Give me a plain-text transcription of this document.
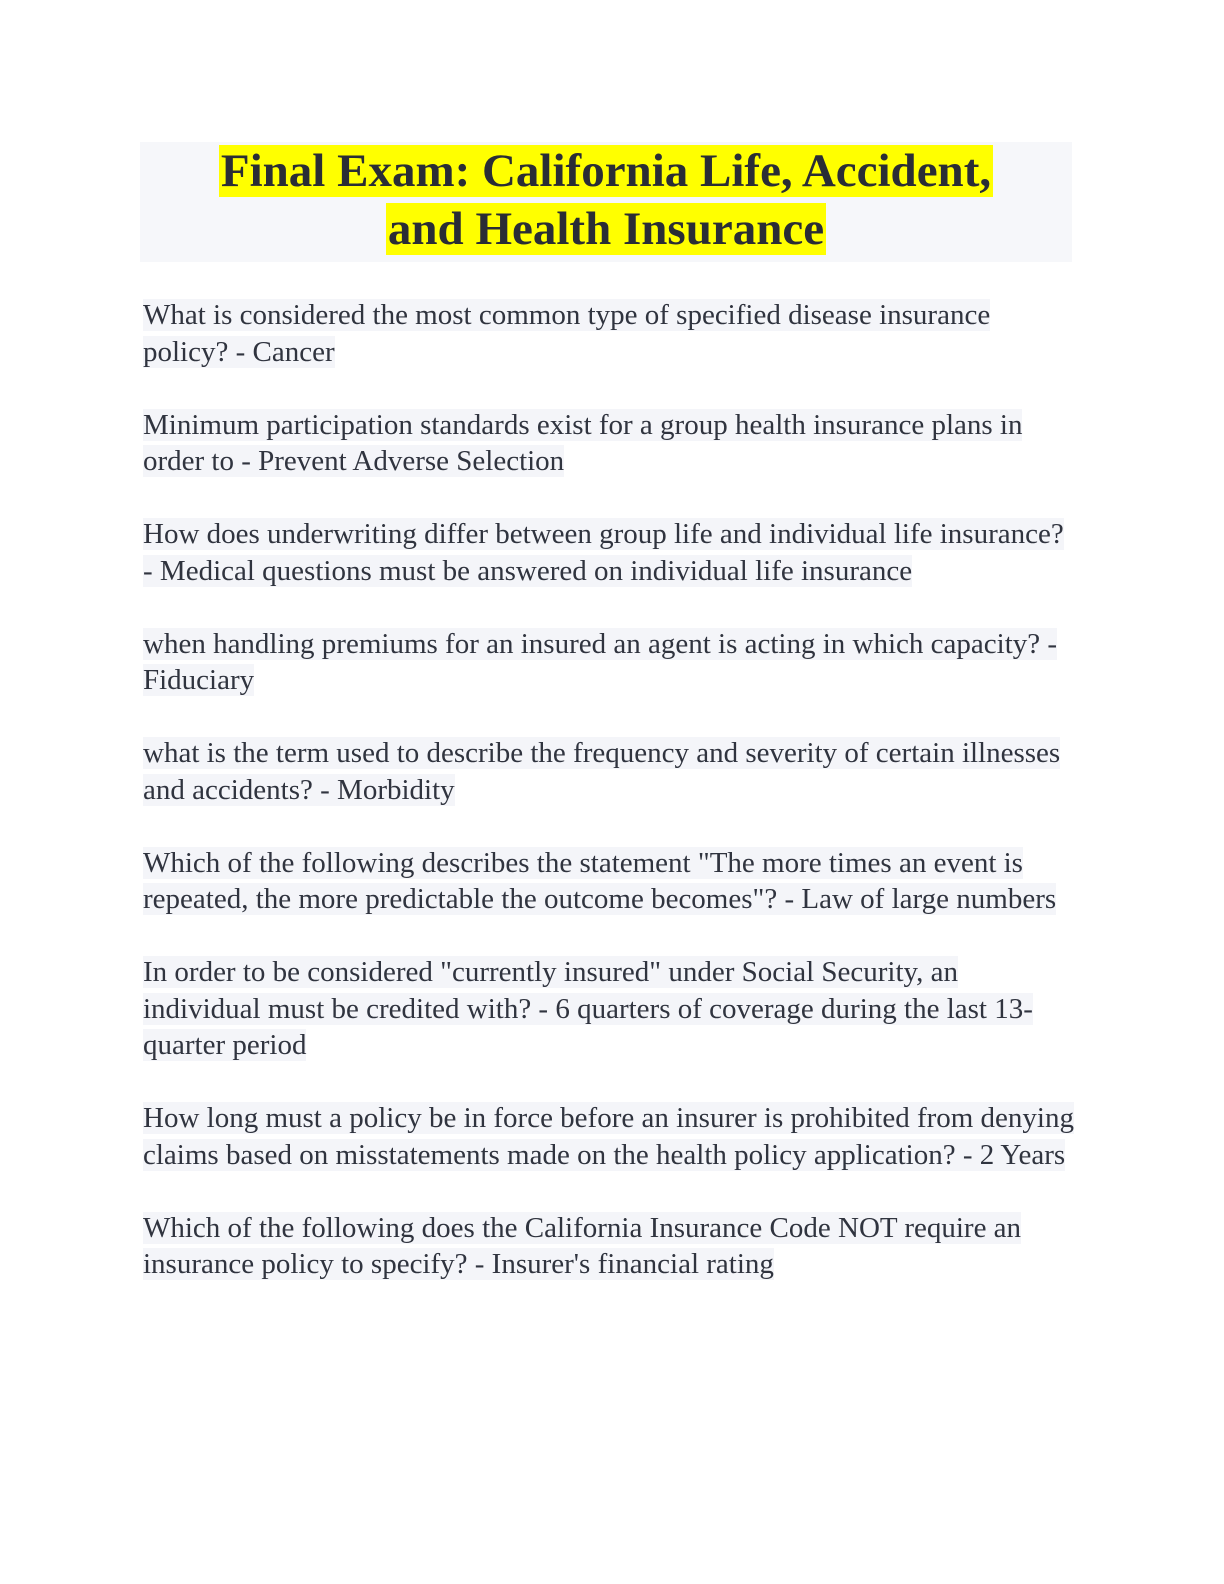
Final Exam: California Life, Accident,
and Health Insurance

What is considered the most common type of specified disease insurance policy? - Cancer

Minimum participation standards exist for a group health insurance plans in order to - Prevent Adverse Selection

How does underwriting differ between group life and individual life insurance? - Medical questions must be answered on individual life insurance

when handling premiums for an insured an agent is acting in which capacity? - Fiduciary

what is the term used to describe the frequency and severity of certain illnesses and accidents? - Morbidity

Which of the following describes the statement "The more times an event is repeated, the more predictable the outcome becomes"? - Law of large numbers

In order to be considered "currently insured" under Social Security, an individual must be credited with? - 6 quarters of coverage during the last 13-quarter period

How long must a policy be in force before an insurer is prohibited from denying claims based on misstatements made on the health policy application? - 2 Years

Which of the following does the California Insurance Code NOT require an insurance policy to specify? - Insurer's financial rating
